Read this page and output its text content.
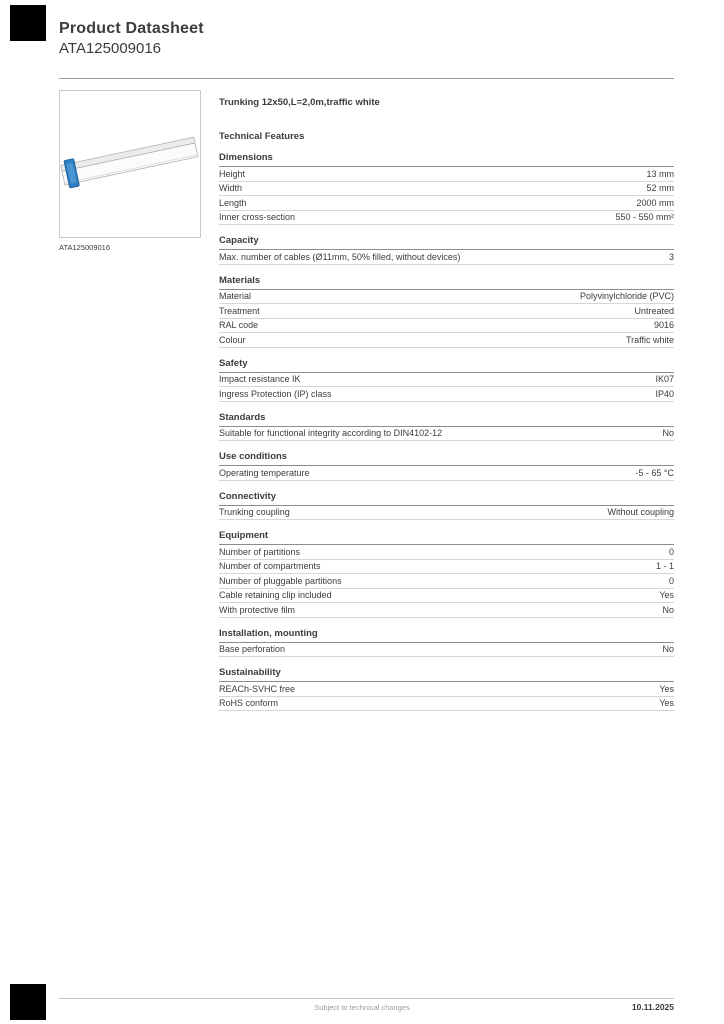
Product Datasheet
ATA125009016
ATA125009016
Trunking 12x50,L=2,0m,traffic white
Technical Features
Dimensions
Height	13 mm
Width	52 mm
Length	2000 mm
Inner cross-section	550 - 550 mm²
Capacity
Max. number of cables (Ø11mm, 50% filled, without devices)	3
Materials
Material	Polyvinylchloride (PVC)
Treatment	Untreated
RAL code	9016
Colour	Traffic white
Safety
Impact resistance IK	IK07
Ingress Protection (IP) class	IP40
Standards
Suitable for functional integrity according to DIN4102-12	No
Use conditions
Operating temperature	-5 - 65 °C
Connectivity
Trunking coupling	Without coupling
Equipment
Number of partitions	0
Number of compartments	1 - 1
Number of pluggable partitions	0
Cable retaining clip included	Yes
With protective film	No
Installation, mounting
Base perforation	No
Sustainability
REACh-SVHC free	Yes
RoHS conform	Yes
Subject to technical changes	10.11.2025
